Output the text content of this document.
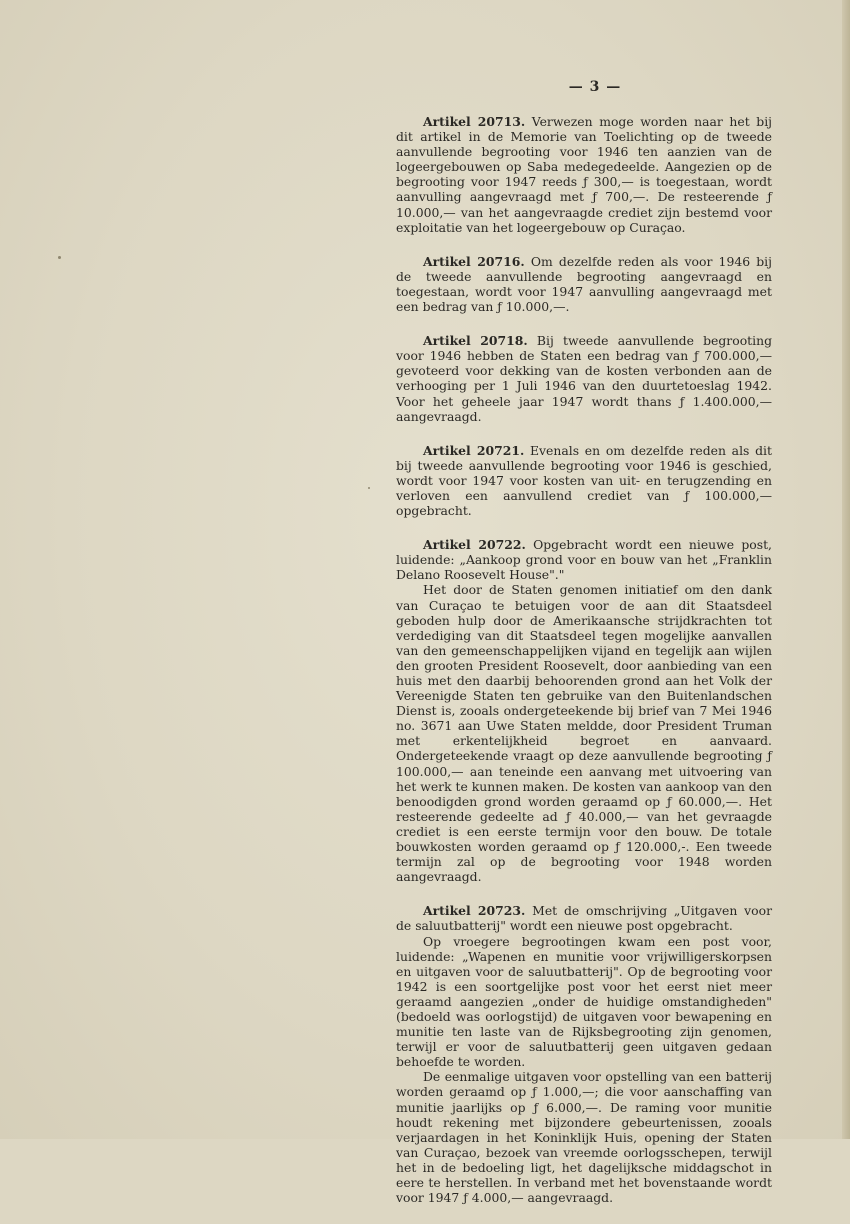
— 3 —

Artikel 20713. Verwezen moge worden naar het bij dit artikel in de Memorie van Toelichting op de tweede aanvullende begrooting voor 1946 ten aanzien van de logeergebouwen op Saba medegedeelde. Aangezien op de begrooting voor 1947 reeds ƒ 300,— is toegestaan, wordt aanvulling aangevraagd met ƒ 700,—. De resteerende ƒ 10.000,— van het aangevraagde crediet zijn bestemd voor exploitatie van het logeergebouw op Curaçao.

Artikel 20716. Om dezelfde reden als voor 1946 bij de tweede aanvullende begrooting aangevraagd en toegestaan, wordt voor 1947 aanvulling aangevraagd met een bedrag van ƒ 10.000,—.

Artikel 20718. Bij tweede aanvullende begrooting voor 1946 hebben de Staten een bedrag van ƒ 700.000,— gevoteerd voor dekking van de kosten verbonden aan de verhooging per 1 Juli 1946 van den duurtetoeslag 1942. Voor het geheele jaar 1947 wordt thans ƒ 1.400.000,— aangevraagd.

Artikel 20721. Evenals en om dezelfde reden als dit bij tweede aanvullende begrooting voor 1946 is geschied, wordt voor 1947 voor kosten van uit- en terugzending en verloven een aanvullend crediet van ƒ 100.000,— opgebracht.

Artikel 20722. Opgebracht wordt een nieuwe post, luidende: „Aankoop grond voor en bouw van het „Franklin Delano Roosevelt House"."

Het door de Staten genomen initiatief om den dank van Curaçao te betuigen voor de aan dit Staatsdeel geboden hulp door de Amerikaansche strijdkrachten tot verdediging van dit Staatsdeel tegen mogelijke aanvallen van den gemeenschappelijken vijand en tegelijk aan wijlen den grooten President Roosevelt, door aanbieding van een huis met den daarbij behoorenden grond aan het Volk der Vereenigde Staten ten gebruike van den Buitenlandschen Dienst is, zooals ondergeteekende bij brief van 7 Mei 1946 no. 3671 aan Uwe Staten meldde, door President Truman met erkentelijkheid begroet en aanvaard. Ondergeteekende vraagt op deze aanvullende begrooting ƒ 100.000,— aan teneinde een aanvang met uitvoering van het werk te kunnen maken. De kosten van aankoop van den benoodigden grond worden geraamd op ƒ 60.000,—. Het resteerende gedeelte ad ƒ 40.000,— van het gevraagde crediet is een eerste termijn voor den bouw. De totale bouwkosten worden geraamd op ƒ 120.000,-. Een tweede termijn zal op de begrooting voor 1948 worden aangevraagd.

Artikel 20723. Met de omschrijving „Uitgaven voor de saluutbatterij" wordt een nieuwe post opgebracht.

Op vroegere begrootingen kwam een post voor, luidende: „Wapenen en munitie voor vrijwilligerskorpsen en uitgaven voor de saluutbatterij". Op de begrooting voor 1942 is een soortgelijke post voor het eerst niet meer geraamd aangezien „onder de huidige omstandigheden" (bedoeld was oorlogstijd) de uitgaven voor bewapening en munitie ten laste van de Rijksbegrooting zijn genomen, terwijl er voor de saluutbatterij geen uitgaven gedaan behoefde te worden.

De eenmalige uitgaven voor opstelling van een batterij worden geraamd op ƒ 1.000,—; die voor aanschaffing van munitie jaarlijks op ƒ 6.000,—. De raming voor munitie houdt rekening met bijzondere gebeurtenissen, zooals verjaardagen in het Koninklijk Huis, opening der Staten van Curaçao, bezoek van vreemde oorlogsschepen, terwijl het in de bedoeling ligt, het dagelijksche middagschot in eere te herstellen. In verband met het bovenstaande wordt voor 1947 ƒ 4.000,— aangevraagd.
